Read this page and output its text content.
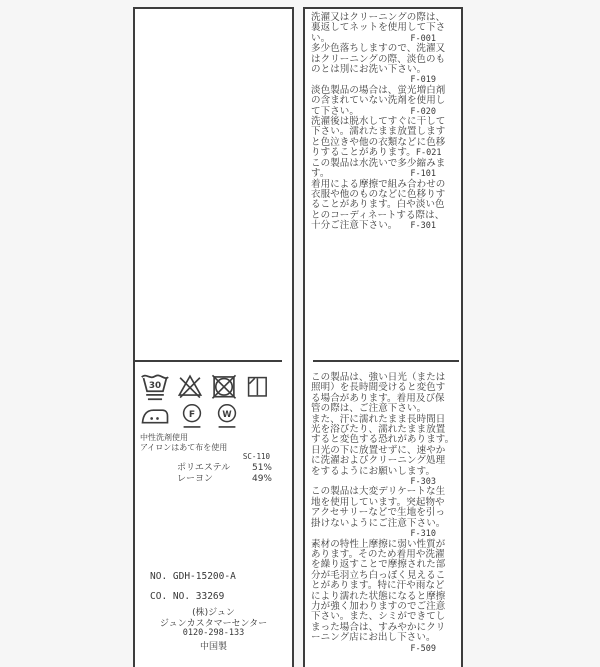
30
F W
中性洗剤使用
アイロンはあて布を使用
SC-110
ポリエステル 51%
レーヨン	49%
NO. GDH-15200-A
CO. NO. 33269
(株)ジュン
ジュンカスタマーセンター
0120-298-133
中国製
洗濯又はクリーニングの際は、
裏返してネットを使用して下さ
い。	F-001
多少色落ちしますので、洗濯又
はクリーニングの際、淡色のも
のとは別にお洗い下さい。
F-019
淡色製品の場合は、蛍光増白剤
の含まれていない洗剤を使用し
て下さい。	F-020
洗濯後は脱水してすぐに干して
下さい。濡れたまま放置します
と色泣きや他の衣類などに色移
りすることがあります。 F-021
この製品は水洗いで多少縮みま
す。	F-101
着用による摩擦で組み合わせの
衣服や他のものなどに色移りす
ることがあります。白や淡い色
とのコーディネートする際は、
十分ご注意下さい。 F-301
この製品は、強い日光（または
照明）を長時間受けると変色す
る場合があります。着用及び保
管の際は、ご注意下さい。
また、汗に濡れたまま長時間日
光を浴びたり、濡れたまま放置
すると変色する恐れがあります。
日光の下に放置せずに、速やか
に洗濯およびクリーニング処理
をするようにお願いします。
F-303
この製品は大変デリケートな生
地を使用しています。突起物や
アクセサリーなどで生地を引っ
掛けないようにご注意下さい。
F-310
素材の特性上摩擦に弱い性質が
あります。そのため着用や洗濯
を繰り返すことで摩擦された部
分が毛羽立ち白っぽく見えるこ
とがあります。特に汗や雨など
により濡れた状態になると摩擦
力が強く加わりますのでご注意
下さい。また、シミができてし
まった場合は、すみやかにクリ
ーニング店にお出し下さい。
F-509
